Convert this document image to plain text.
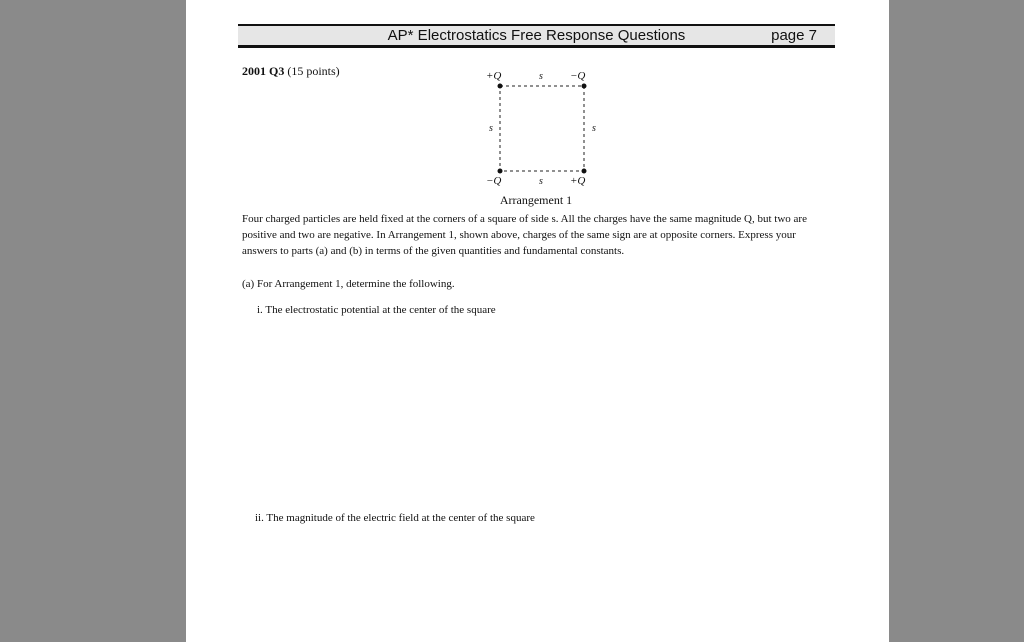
AP* Electrostatics Free Response Questions	page 7
2001 Q3 (15 points)	+Q	−Q
−Q	+Q
s
s
s	s
Arrangement 1
Four charged particles are held fixed at the corners of a square of side s. All the charges have the same magnitude Q, but two are positive and two are negative. In Arrangement 1, shown above, charges of the same sign are at opposite corners. Express your answers to parts (a) and (b) in terms of the given quantities and fundamental constants.
(a) For Arrangement 1, determine the following.
i. The electrostatic potential at the center of the square
ii. The magnitude of the electric field at the center of the square
